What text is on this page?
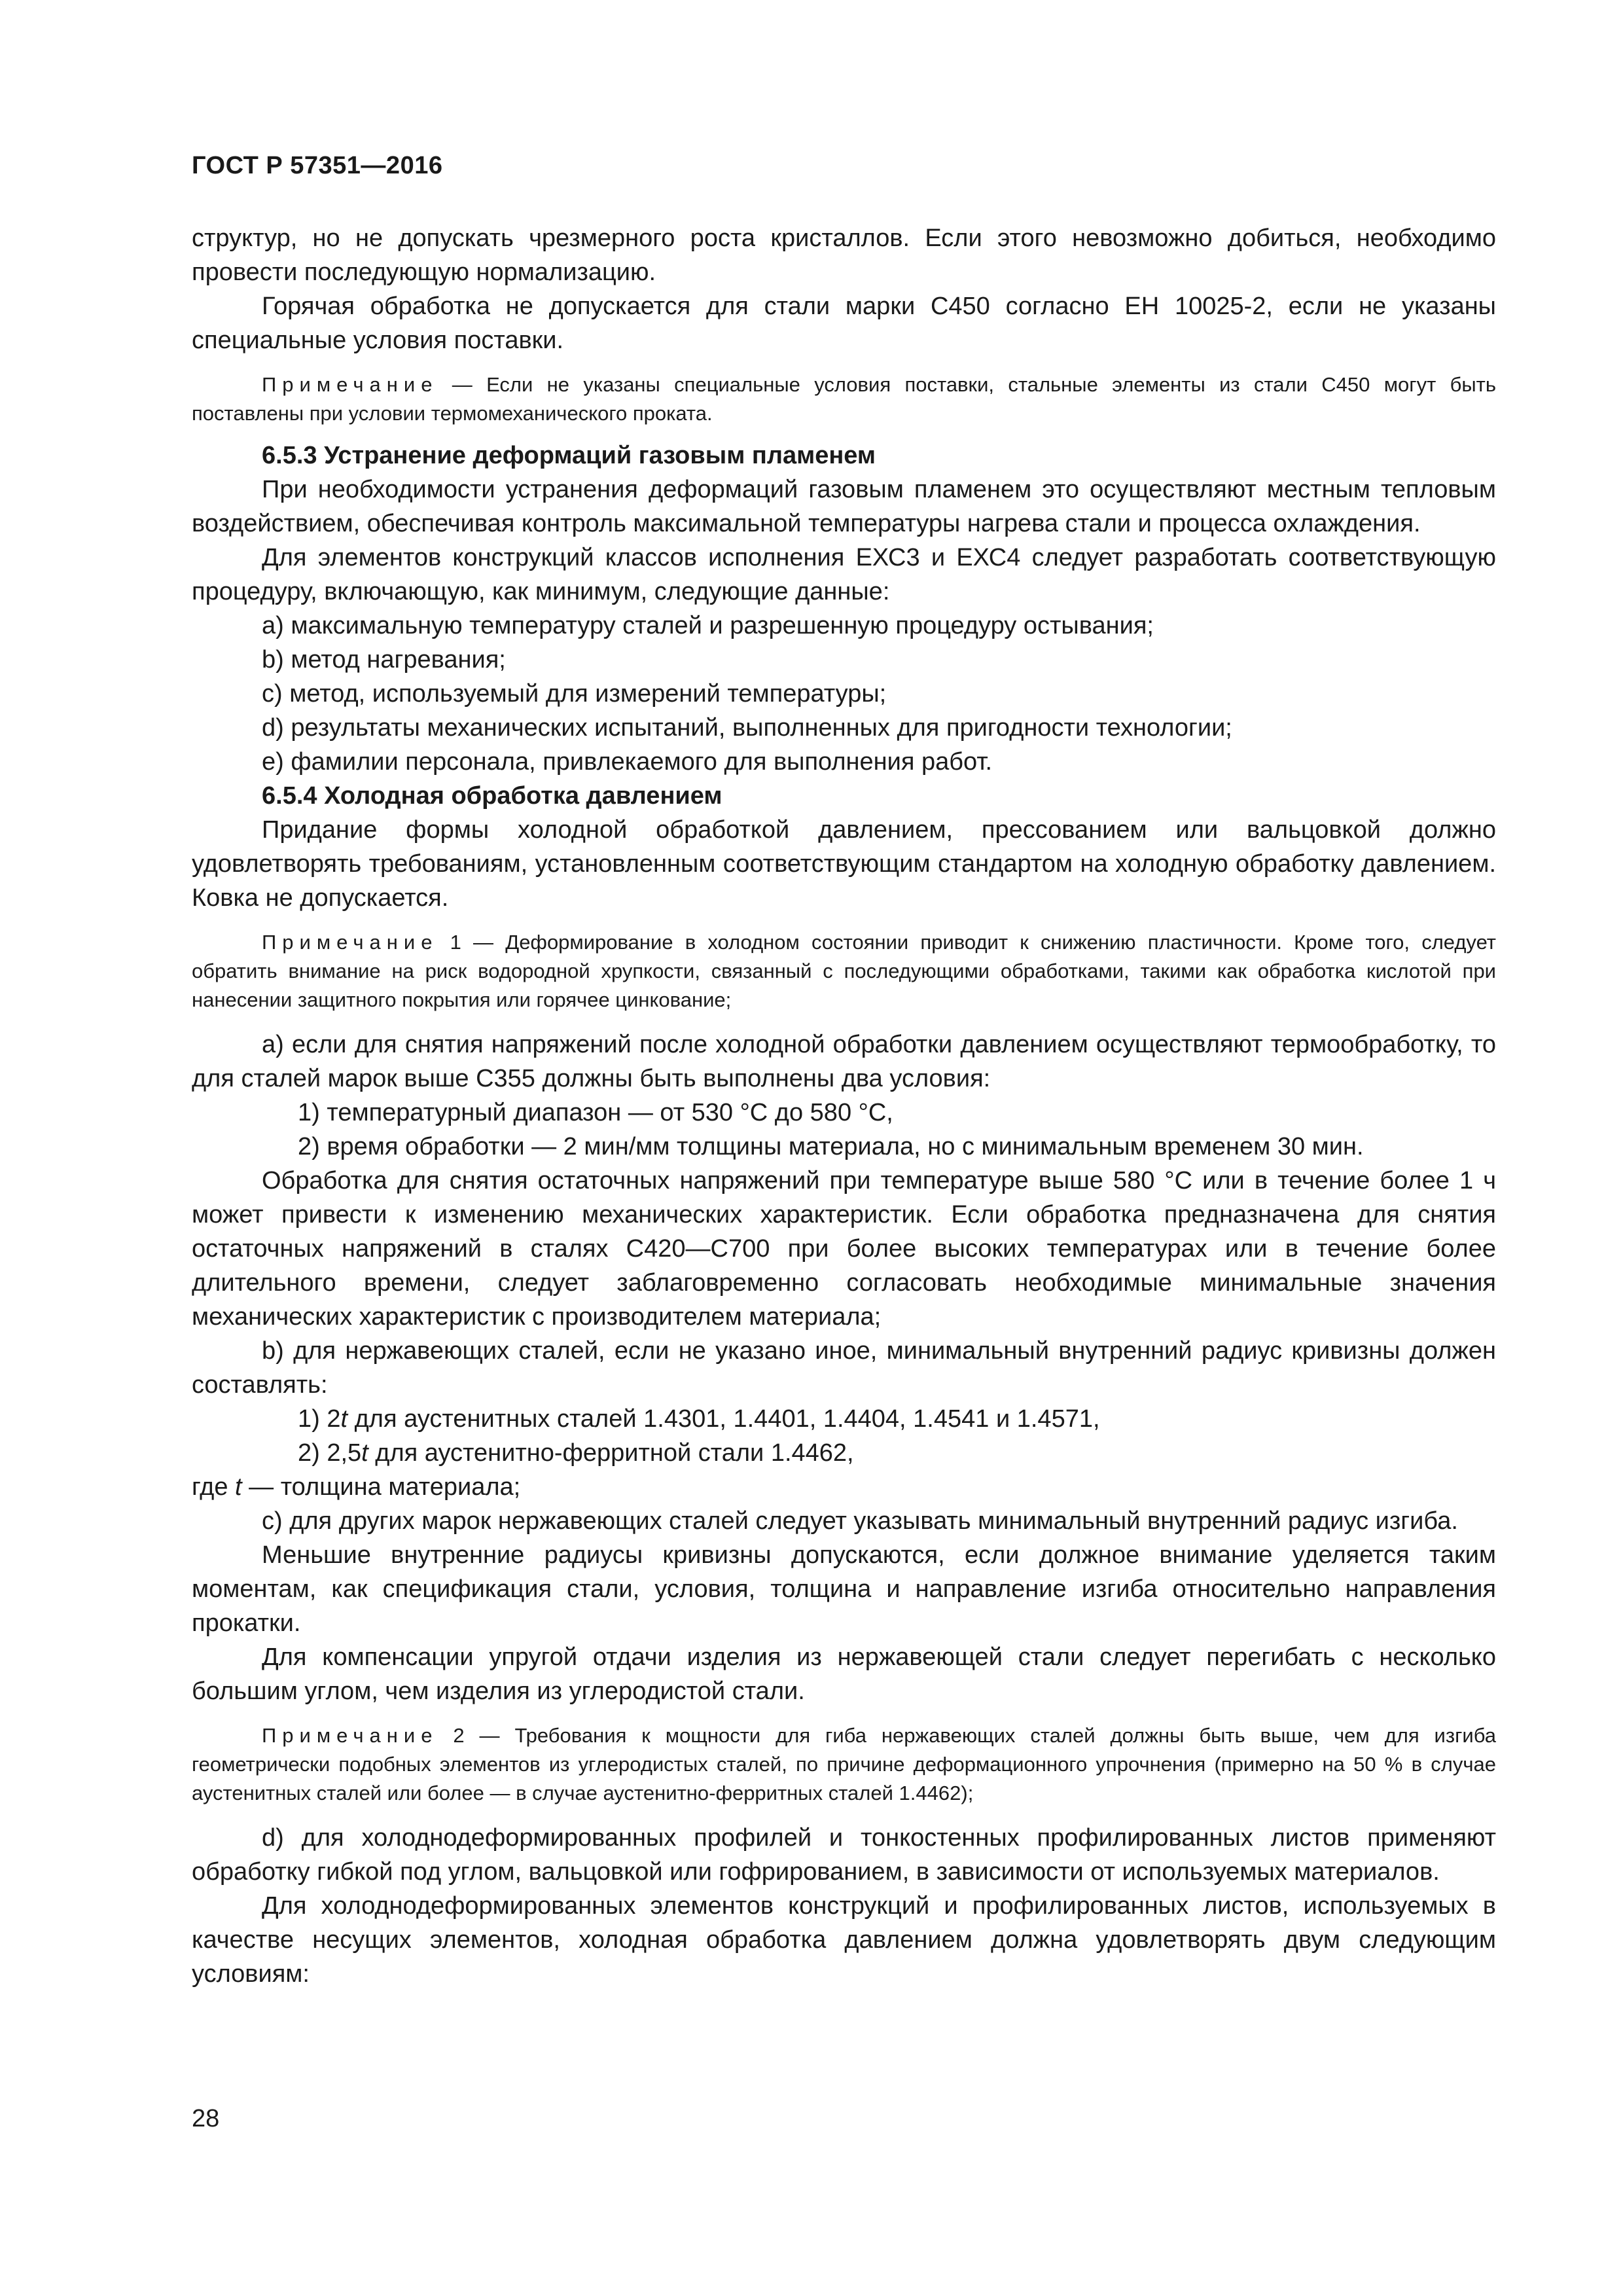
ГОСТ Р 57351—2016

структур, но не допускать чрезмерного роста кристаллов. Если этого невозможно добиться, необходимо провести последующую нормализацию.

Горячая обработка не допускается для стали марки С450 согласно ЕН 10025-2, если не указаны специальные условия поставки.

Примечание — Если не указаны специальные условия поставки, стальные элементы из стали С450 могут быть поставлены при условии термомеханического проката.

6.5.3 Устранение деформаций газовым пламенем

При необходимости устранения деформаций газовым пламенем это осуществляют местным тепловым воздействием, обеспечивая контроль максимальной температуры нагрева стали и процесса охлаждения.

Для элементов конструкций классов исполнения ЕХС3 и ЕХС4 следует разработать соответствующую процедуру, включающую, как минимум, следующие данные:

a) максимальную температуру сталей и разрешенную процедуру остывания;

b) метод нагревания;

c) метод, используемый для измерений температуры;

d) результаты механических испытаний, выполненных для пригодности технологии;

e) фамилии персонала, привлекаемого для выполнения работ.

6.5.4 Холодная обработка давлением

Придание формы холодной обработкой давлением, прессованием или вальцовкой должно удовлетворять требованиям, установленным соответствующим стандартом на холодную обработку давлением. Ковка не допускается.

Примечание 1 — Деформирование в холодном состоянии приводит к снижению пластичности. Кроме того, следует обратить внимание на риск водородной хрупкости, связанный с последующими обработками, такими как обработка кислотой при нанесении защитного покрытия или горячее цинкование;

a) если для снятия напряжений после холодной обработки давлением осуществляют термообработку, то для сталей марок выше С355 должны быть выполнены два условия:

1) температурный диапазон — от 530 °C до 580 °C,

2) время обработки — 2 мин/мм толщины материала, но с минимальным временем 30 мин.

Обработка для снятия остаточных напряжений при температуре выше 580 °C или в течение более 1 ч может привести к изменению механических характеристик. Если обработка предназначена для снятия остаточных напряжений в сталях С420—С700 при более высоких температурах или в течение более длительного времени, следует заблаговременно согласовать необходимые минимальные значения механических характеристик с производителем материала;

b) для нержавеющих сталей, если не указано иное, минимальный внутренний радиус кривизны должен составлять:

1) 2t для аустенитных сталей 1.4301, 1.4401, 1.4404, 1.4541 и 1.4571,

2) 2,5t для аустенитно-ферритной стали 1.4462,

где t — толщина материала;

c) для других марок нержавеющих сталей следует указывать минимальный внутренний радиус изгиба.

Меньшие внутренние радиусы кривизны допускаются, если должное внимание уделяется таким моментам, как спецификация стали, условия, толщина и направление изгиба относительно направления прокатки.

Для компенсации упругой отдачи изделия из нержавеющей стали следует перегибать с несколько большим углом, чем изделия из углеродистой стали.

Примечание 2 — Требования к мощности для гиба нержавеющих сталей должны быть выше, чем для изгиба геометрически подобных элементов из углеродистых сталей, по причине деформационного упрочнения (примерно на 50 % в случае аустенитных сталей или более — в случае аустенитно-ферритных сталей 1.4462);

d) для холоднодеформированных профилей и тонкостенных профилированных листов применяют обработку гибкой под углом, вальцовкой или гофрированием, в зависимости от используемых материалов.

Для холоднодеформированных элементов конструкций и профилированных листов, используемых в качестве несущих элементов, холодная обработка давлением должна удовлетворять двум следующим условиям:

28
